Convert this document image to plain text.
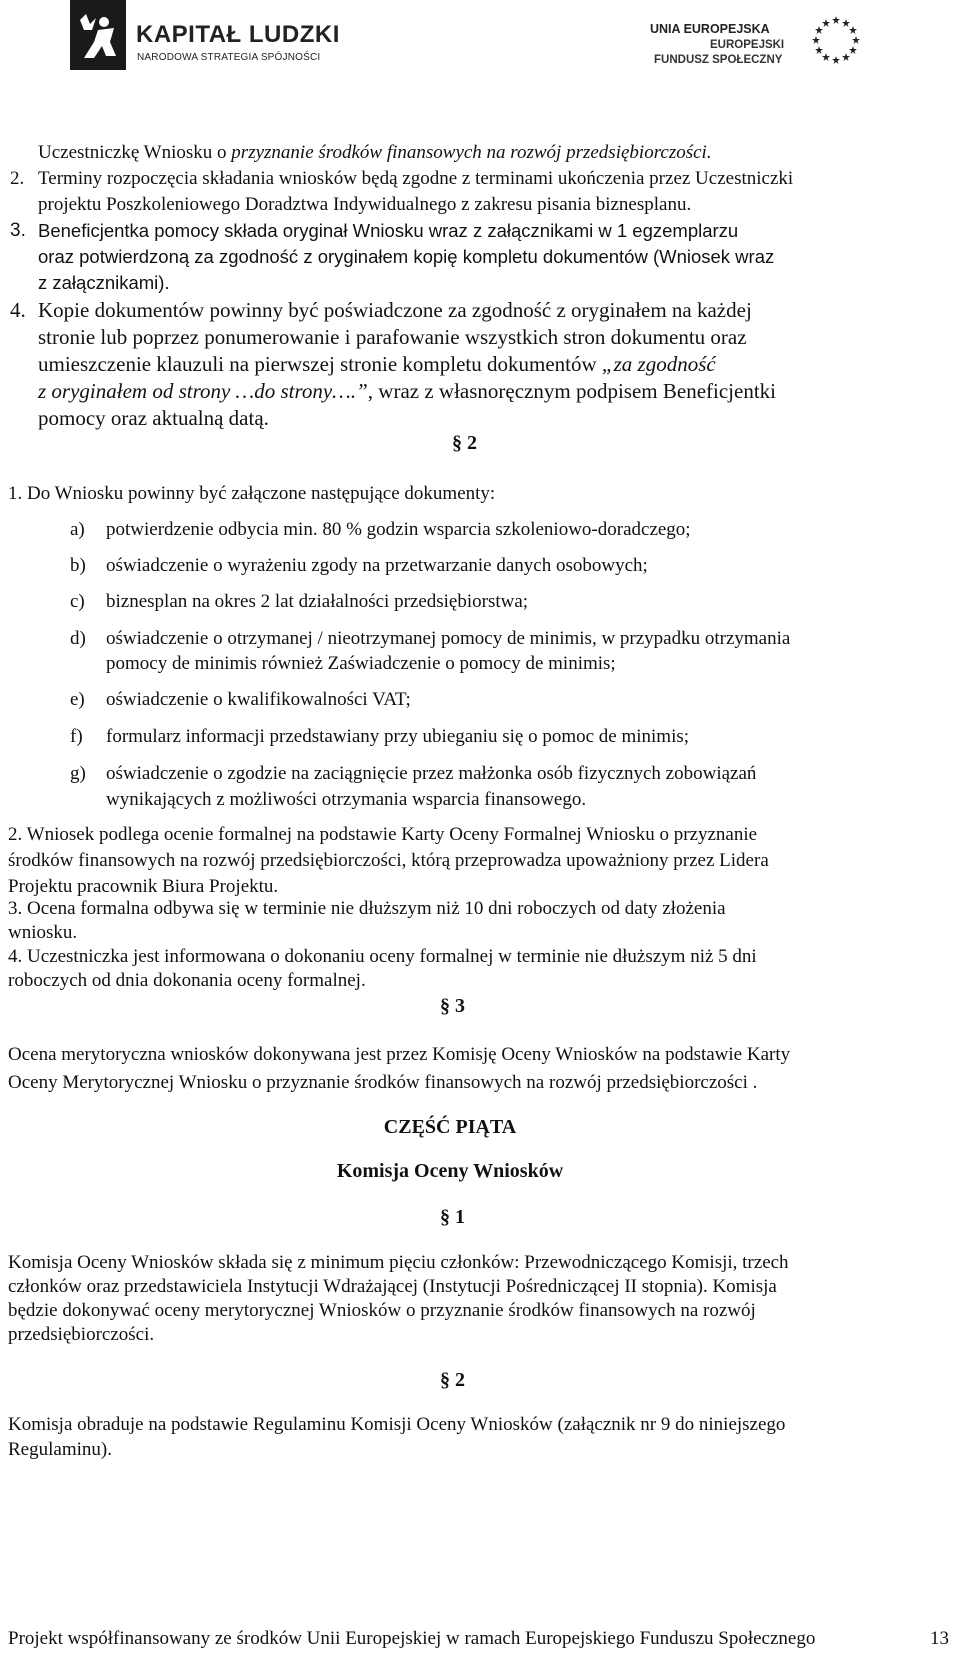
KAPITAŁ LUDZKI
NARODOWA STRATEGIA SPÓJNOŚCI
UNIA EUROPEJSKA
EUROPEJSKI
FUNDUSZ SPOŁECZNY
Uczestniczkę Wniosku o przyznanie środków finansowych na rozwój przedsiębiorczości.
2. Terminy rozpoczęcia składania wniosków będą zgodne z terminami ukończenia przez Uczestniczki
projektu Poszkoleniowego Doradztwa Indywidualnego z zakresu pisania biznesplanu.
3. Beneficjentka pomocy składa oryginał Wniosku wraz z załącznikami w 1 egzemplarzu
oraz potwierdzoną za zgodność z oryginałem kopię kompletu dokumentów (Wniosek wraz
z załącznikami).
4. Kopie dokumentów powinny być poświadczone za zgodność z oryginałem na każdej
stronie lub poprzez ponumerowanie i parafowanie wszystkich stron dokumentu oraz
umieszczenie klauzuli na pierwszej stronie kompletu dokumentów „za zgodność
z oryginałem od strony …do strony….”, wraz z własnoręcznym podpisem Beneficjentki
pomocy oraz aktualną datą.
§ 2
1. Do Wniosku powinny być załączone następujące dokumenty:
a) potwierdzenie odbycia min. 80 % godzin wsparcia szkoleniowo-doradczego;
b) oświadczenie o wyrażeniu zgody na przetwarzanie danych osobowych;
c) biznesplan na okres 2 lat działalności przedsiębiorstwa;
d) oświadczenie o otrzymanej / nieotrzymanej pomocy de minimis, w przypadku otrzymania
pomocy de minimis również Zaświadczenie o pomocy de minimis;
e) oświadczenie o kwalifikowalności VAT;
f) formularz informacji przedstawiany przy ubieganiu się o pomoc de minimis;
g) oświadczenie o zgodzie na zaciągnięcie przez małżonka osób fizycznych zobowiązań
wynikających z możliwości otrzymania wsparcia finansowego.
2. Wniosek podlega ocenie formalnej na podstawie Karty Oceny Formalnej Wniosku o przyznanie
środków finansowych na rozwój przedsiębiorczości, którą przeprowadza upoważniony przez Lidera
Projektu pracownik Biura Projektu.
3. Ocena formalna odbywa się w terminie nie dłuższym niż 10 dni roboczych od daty złożenia
wniosku.
4. Uczestniczka jest informowana o dokonaniu oceny formalnej w terminie nie dłuższym niż 5 dni
roboczych od dnia dokonania oceny formalnej.
§ 3
Ocena merytoryczna wniosków dokonywana jest przez Komisję Oceny Wniosków na podstawie Karty
Oceny Merytorycznej Wniosku o przyznanie środków finansowych na rozwój przedsiębiorczości .
CZĘŚĆ PIĄTA
Komisja Oceny Wniosków
§ 1
Komisja Oceny Wniosków składa się z minimum pięciu członków: Przewodniczącego Komisji, trzech
członków oraz przedstawiciela Instytucji Wdrażającej (Instytucji Pośredniczącej II stopnia). Komisja
będzie dokonywać oceny merytorycznej Wniosków o przyznanie środków finansowych na rozwój
przedsiębiorczości.
§ 2
Komisja obraduje na podstawie Regulaminu Komisji Oceny Wniosków (załącznik nr 9 do niniejszego
Regulaminu).
Projekt współfinansowany ze środków Unii Europejskiej w ramach Europejskiego Funduszu Społecznego	13
